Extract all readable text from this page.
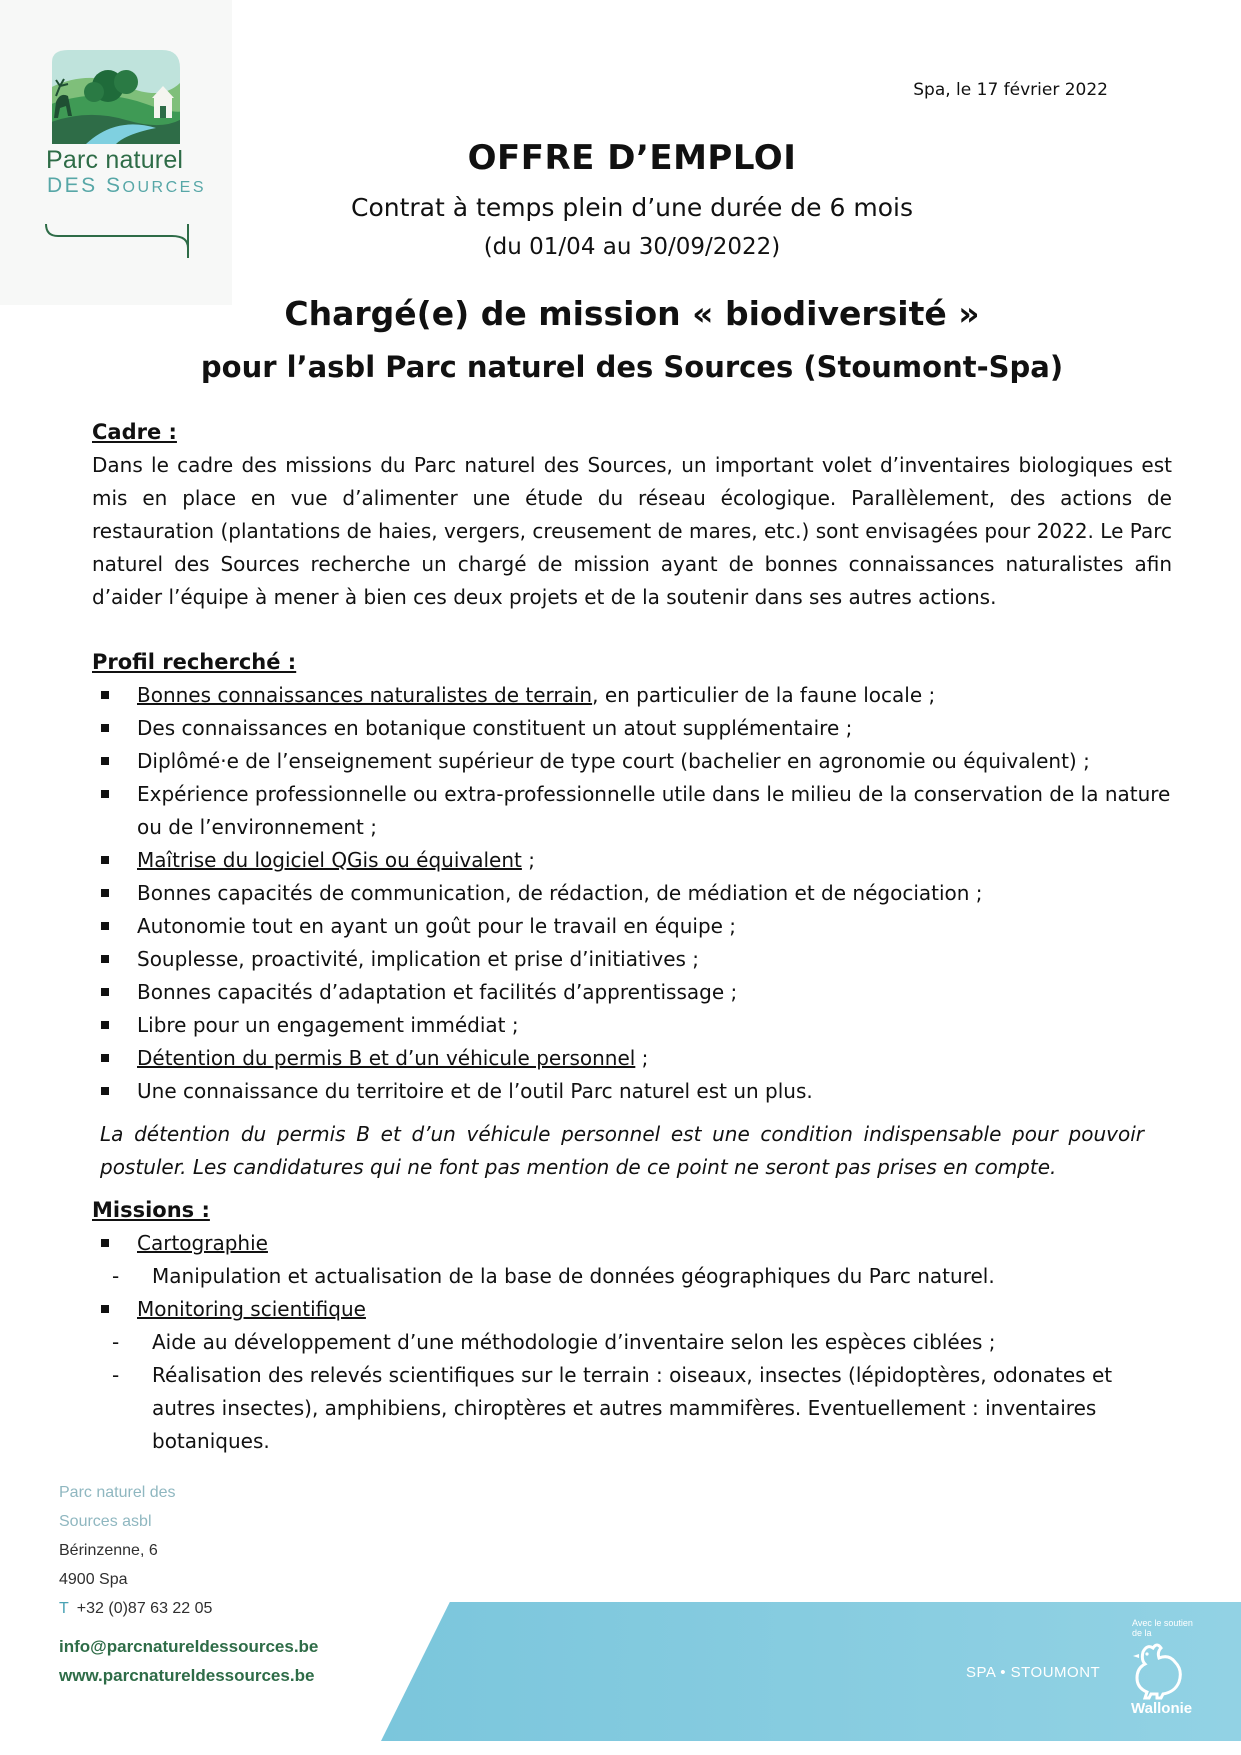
Parc naturel
DES SOURCES
Spa, le 17 février 2022
OFFRE D’EMPLOI
Contrat à temps plein d’une durée de 6 mois
(du 01/04 au 30/09/2022)
Chargé(e) de mission « biodiversité »
pour l’asbl Parc naturel des Sources (Stoumont-Spa)
Cadre :

Dans le cadre des missions du Parc naturel des Sources, un important volet d’inventaires biologiques est mis en place en vue d’alimenter une étude du réseau écologique. Parallèlement, des actions de restauration (plantations de haies, vergers, creusement de mares, etc.) sont envisagées pour 2022. Le Parc naturel des Sources recherche un chargé de mission ayant de bonnes connaissances naturalistes afin d’aider l’équipe à mener à bien ces deux projets et de la soutenir dans ses autres actions.

Profil recherché :
Bonnes connaissances naturalistes de terrain, en particulier de la faune locale ;
Des connaissances en botanique constituent un atout supplémentaire ;
Diplômé·e de l’enseignement supérieur de type court (bachelier en agronomie ou équivalent) ;
Expérience professionnelle ou extra-professionnelle utile dans le milieu de la conservation de la nature ou de l’environnement ;
Maîtrise du logiciel QGis ou équivalent ;
Bonnes capacités de communication, de rédaction, de médiation et de négociation ;
Autonomie tout en ayant un goût pour le travail en équipe ;
Souplesse, proactivité, implication et prise d’initiatives ;
Bonnes capacités d’adaptation et facilités d’apprentissage ;
Libre pour un engagement immédiat ;
Détention du permis B et d’un véhicule personnel ;
Une connaissance du territoire et de l’outil Parc naturel est un plus.

La détention du permis B et d’un véhicule personnel est une condition indispensable pour pouvoir postuler. Les candidatures qui ne font pas mention de ce point ne seront pas prises en compte.

Missions :
Cartographie
- Manipulation et actualisation de la base de données géographiques du Parc naturel.
Monitoring scientifique
- Aide au développement d’une méthodologie d’inventaire selon les espèces ciblées ;
- Réalisation des relevés scientifiques sur le terrain : oiseaux, insectes (lépidoptères, odonates et autres insectes), amphibiens, chiroptères et autres mammifères. Eventuellement : inventaires botaniques.
Parc naturel des
Sources asbl
Bérinzenne, 6
4900 Spa
T +32 (0)87 63 22 05
info@parcnatureldessources.be
www.parcnatureldessources.be	SPA • STOUMONT
Avec le soutien de la
Wallonie
